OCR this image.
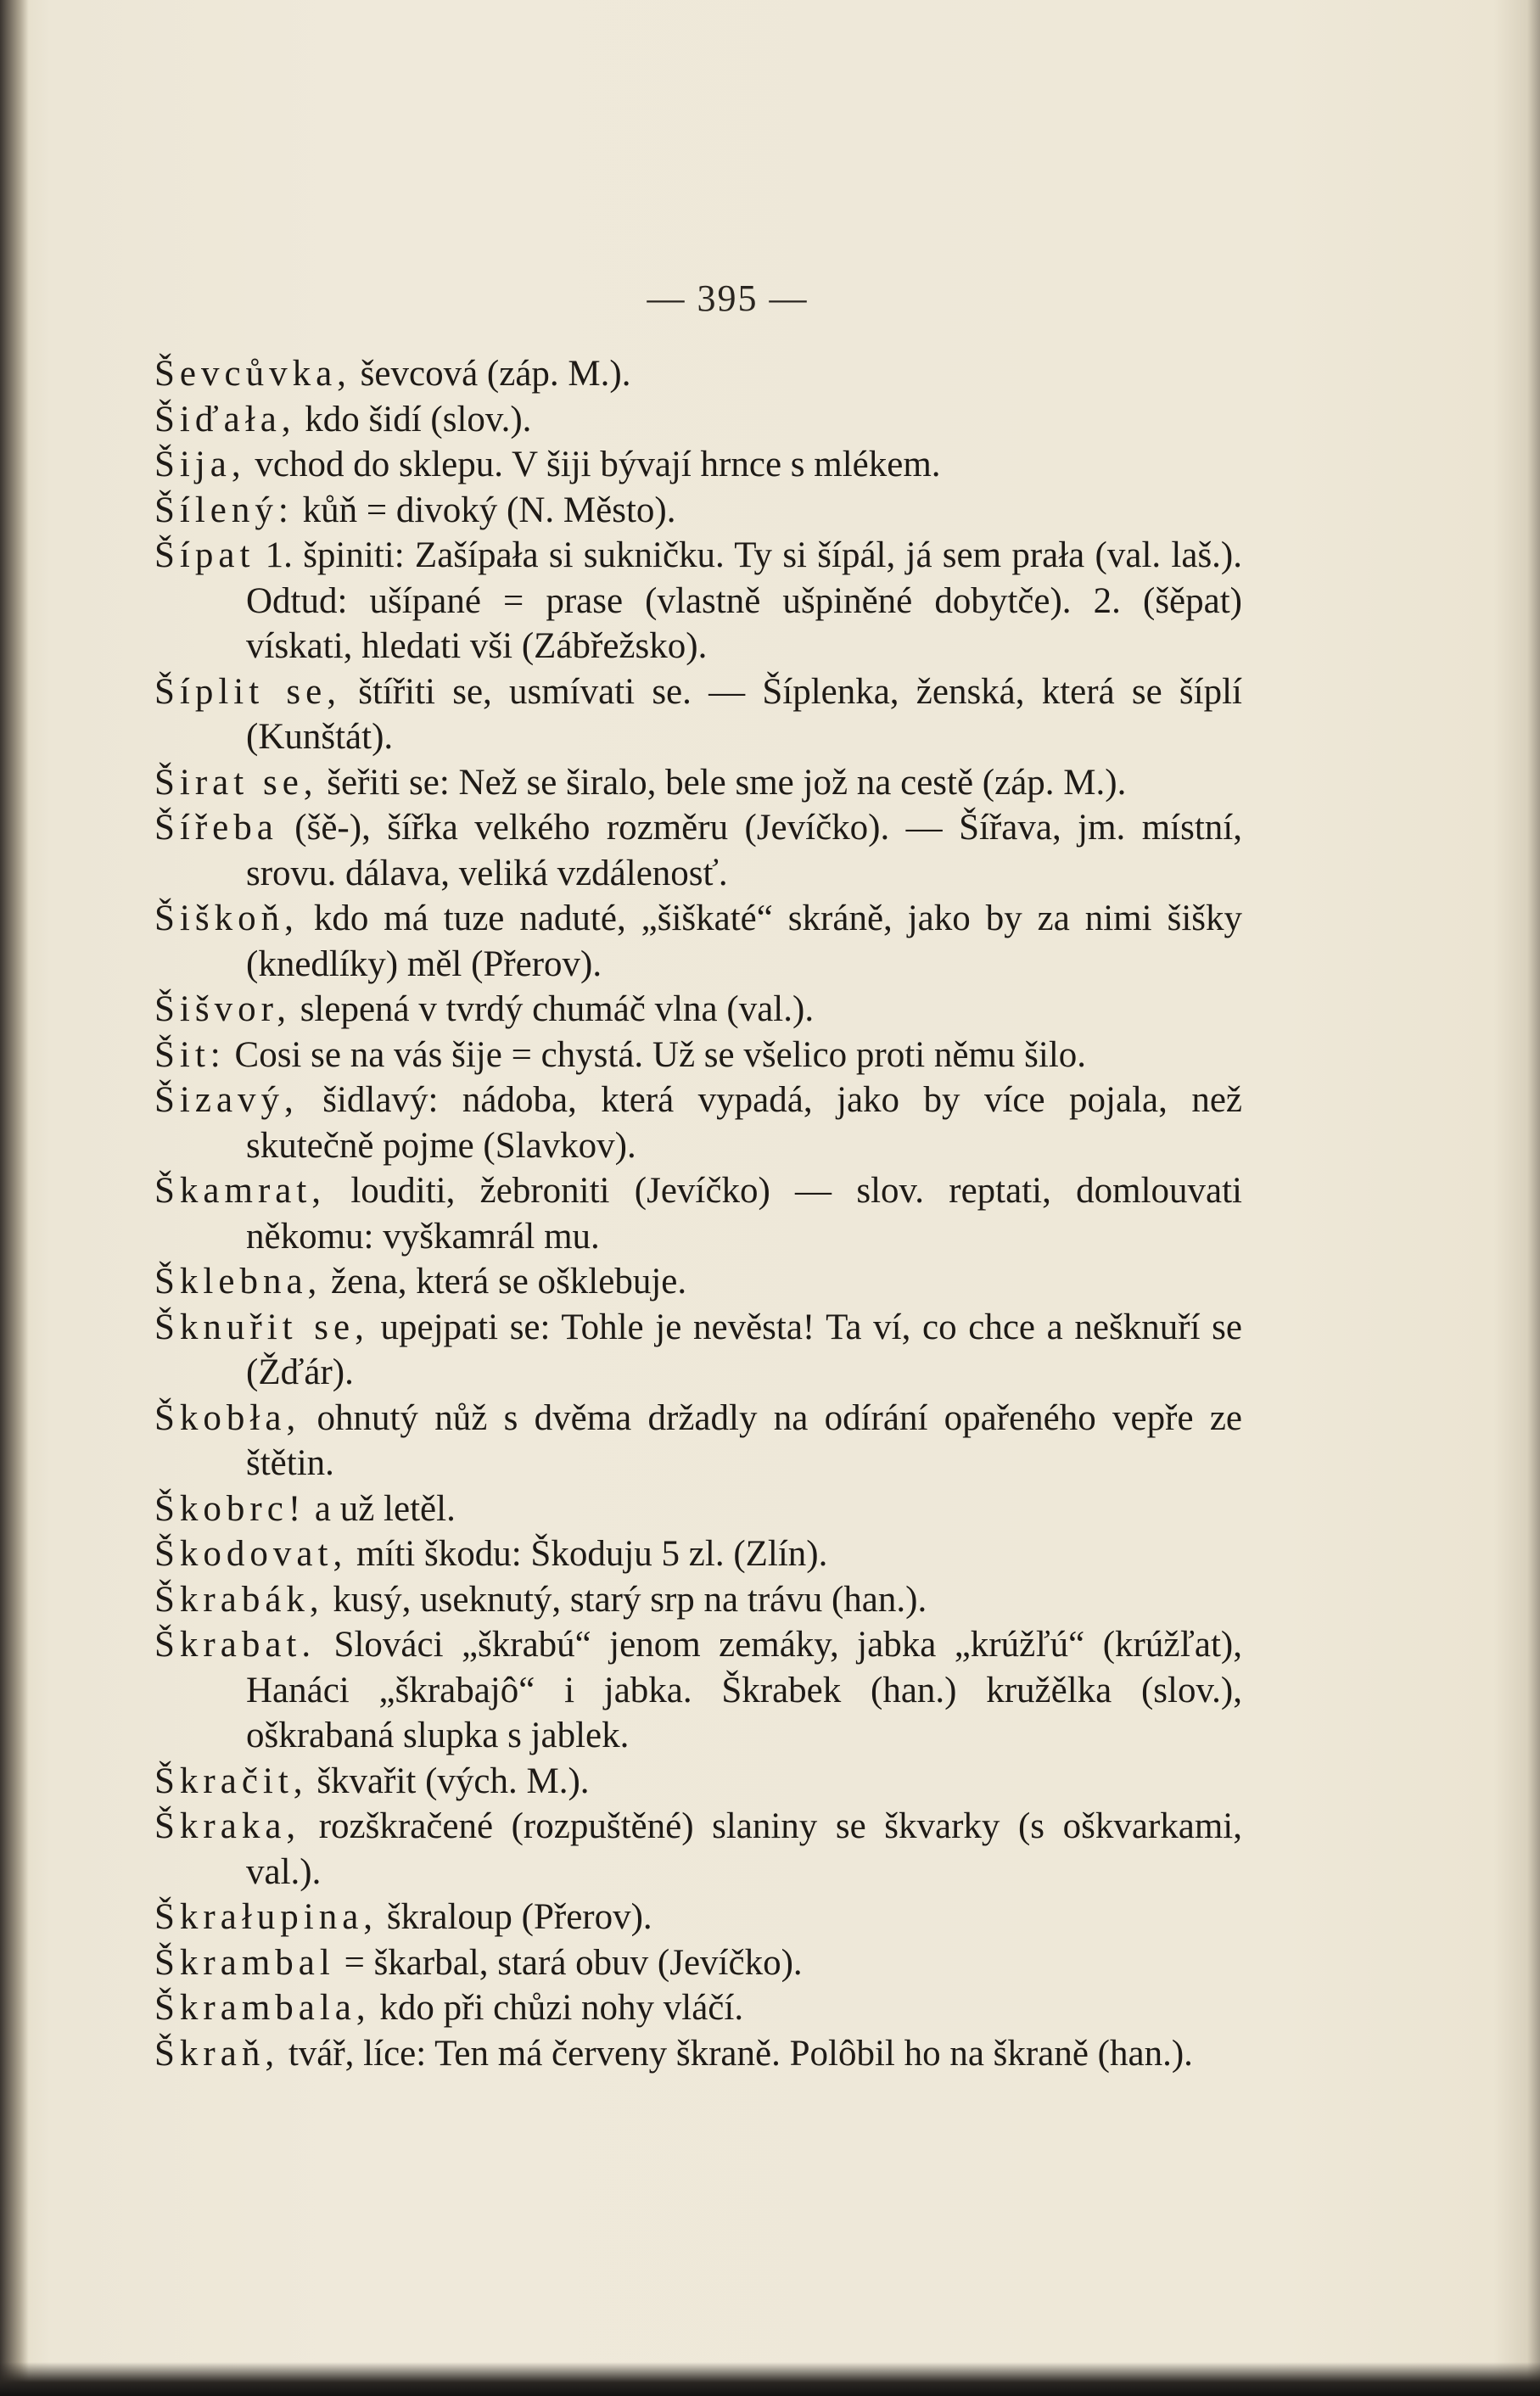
— 395 —

Ševcůvka, ševcová (záp. M.).

Šiďała, kdo šidí (slov.).

Šija, vchod do sklepu. V šiji bývají hrnce s mlékem.

Šílený: kůň = divoký (N. Město).

Šípat 1. špiniti: Zašípała si sukničku. Ty si šípál, já sem prała (val. laš.). Odtud: ušípané = prase (vlastně ušpiněné dobytče). 2. (šěpat) vískati, hledati vši (Zábřežsko).

Šíplit se, štířiti se, usmívati se. — Šíplenka, ženská, která se šíplí (Kunštát).

Širat se, šeřiti se: Než se širalo, bele sme jož na cestě (záp. M.).

Šířeba (šě-), šířka velkého rozměru (Jevíčko). — Šířava, jm. místní, srovu. dálava, veliká vzdálenosť.

Šiškoň, kdo má tuze naduté, „šiškaté“ skráně, jako by za nimi šišky (knedlíky) měl (Přerov).

Šišvor, slepená v tvrdý chumáč vlna (val.).

Šit: Cosi se na vás šije = chystá. Už se všelico proti němu šilo.

Šizavý, šidlavý: nádoba, která vypadá, jako by více pojala, než skutečně pojme (Slavkov).

Škamrat, louditi, žebroniti (Jevíčko) — slov. reptati, domlouvati někomu: vyškamrál mu.

Šklebna, žena, která se ošklebuje.

Šknuřit se, upejpati se: Tohle je nevěsta! Ta ví, co chce a nešknuří se (Žďár).

Škobła, ohnutý nůž s dvěma držadly na odírání opařeného vepře ze štětin.

Škobrc! a už letěl.

Škodovat, míti škodu: Škoduju 5 zl. (Zlín).

Škrabák, kusý, useknutý, starý srp na trávu (han.).

Škrabat. Slováci „škrabú“ jenom zemáky, jabka „krúžľú“ (krúžľat), Hanáci „škrabajô“ i jabka. Škrabek (han.) kružělka (slov.), oškrabaná slupka s jablek.

Škračit, škvařit (vých. M.).

Škraka, rozškračené (rozpuštěné) slaniny se škvarky (s oškvarkami, val.).

Škrałupina, škraloup (Přerov).

Škrambal = škarbal, stará obuv (Jevíčko).

Škrambala, kdo při chůzi nohy vláčí.

Škraň, tvář, líce: Ten má červeny škraně. Polôbil ho na škraně (han.).
